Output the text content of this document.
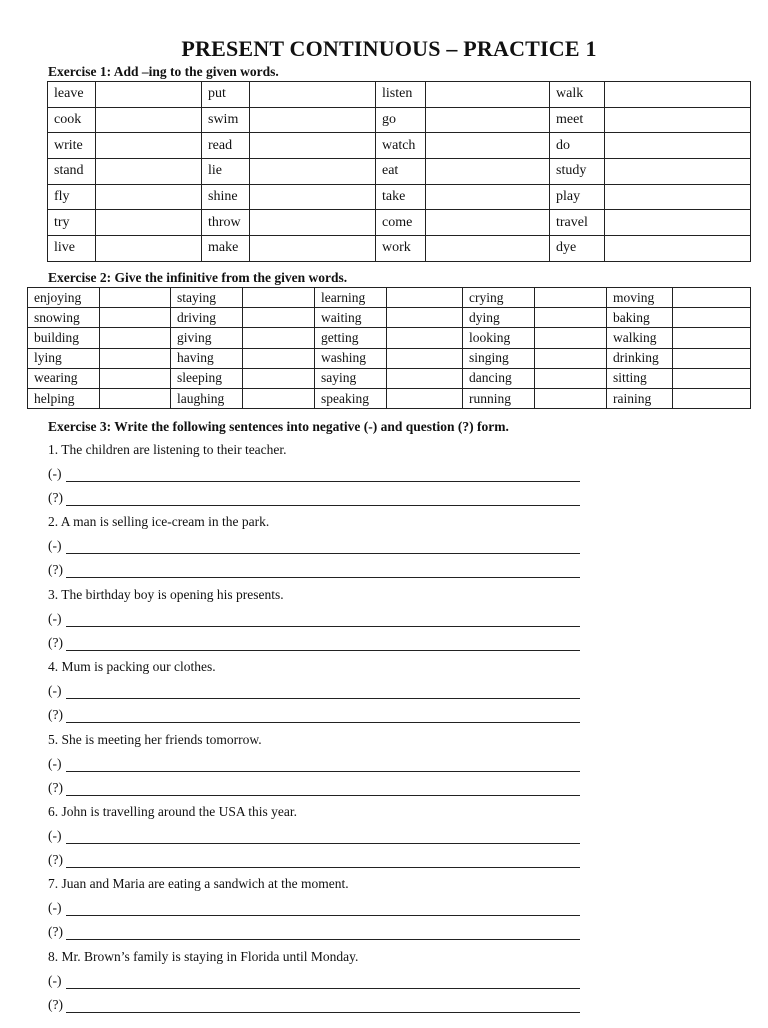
PRESENT CONTINUOUS – PRACTICE 1
Exercise 1: Add –ing to the given words.
leave		put		listen		walk	
cook		swim		go		meet	
write		read		watch		do	
stand		lie		eat		study	
fly		shine		take		play	
try		throw		come		travel	
live		make		work		dye	
Exercise 2: Give the infinitive from the given words.
enjoying		staying		learning		crying		moving	
snowing		driving		waiting		dying		baking	
building		giving		getting		looking		walking	
lying		having		washing		singing		drinking	
wearing		sleeping		saying		dancing		sitting	
helping		laughing		speaking		running		raining	
Exercise 3: Write the following sentences into negative (-) and question (?) form.
1. The children are listening to their teacher.
(-)

(?)

2. A man is selling ice-cream in the park.
(-)

(?)

3. The birthday boy is opening his presents.
(-)

(?)

4. Mum is packing our clothes.
(-)

(?)

5. She is meeting her friends tomorrow.
(-)

(?)

6. John is travelling around the USA this year.
(-)

(?)

7. Juan and Maria are eating a sandwich at the moment.
(-)

(?)

8. Mr. Brown’s family is staying in Florida until Monday.
(-)

(?)
